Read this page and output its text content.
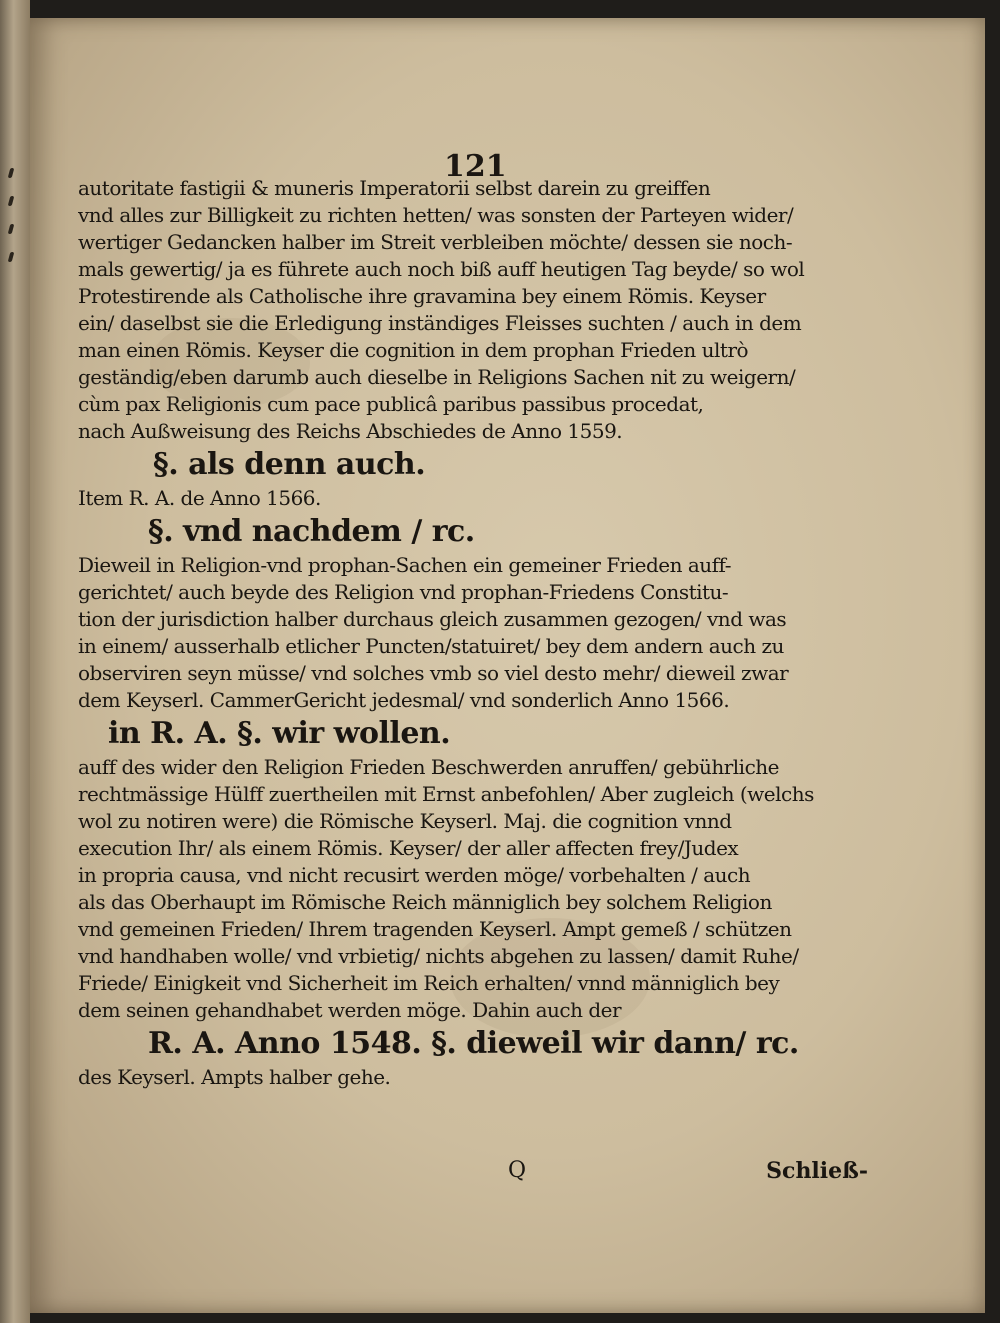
121
autoritate fastigii & muneris Imperatorii selbst darein zu greiffen
vnd alles zur Billigkeit zu richten hetten/ was sonsten der Parteyen wider/
wertiger Gedancken halber im Streit verbleiben möchte/ dessen sie noch-
mals gewertig/ ja es führete auch noch biß auff heutigen Tag beyde/ so wol
Protestirende als Catholische ihre gravamina bey einem Römis. Keyser
ein/ daselbst sie die Erledigung inständiges Fleisses suchten / auch in dem
man einen Römis. Keyser die cognition in dem prophan Frieden ultrò
geständig/eben darumb auch dieselbe in Religions Sachen nit zu weigern/
cùm pax Religionis cum pace publicâ paribus passibus procedat,
nach Außweisung des Reichs Abschiedes de Anno 1559.
§. als denn auch.
Item R. A. de Anno 1566.
§. vnd nachdem / rc.
Dieweil in Religion-vnd prophan-Sachen ein gemeiner Frieden auff-
gerichtet/ auch beyde des Religion vnd prophan-Friedens Constitu-
tion der jurisdiction halber durchaus gleich zusammen gezogen/ vnd was
in einem/ ausserhalb etlicher Puncten/statuiret/ bey dem andern auch zu
observiren seyn müsse/ vnd solches vmb so viel desto mehr/ dieweil zwar
dem Keyserl. CammerGericht jedesmal/ vnd sonderlich Anno 1566.
in R. A. §. wir wollen.
auff des wider den Religion Frieden Beschwerden anruffen/ gebührliche
rechtmässige Hülff zuertheilen mit Ernst anbefohlen/ Aber zugleich (welchs
wol zu notiren were) die Römische Keyserl. Maj. die cognition vnnd
execution Ihr/ als einem Römis. Keyser/ der aller affecten frey/Judex
in propria causa, vnd nicht recusirt werden möge/ vorbehalten / auch
als das Oberhaupt im Römische Reich männiglich bey solchem Religion
vnd gemeinen Frieden/ Ihrem tragenden Keyserl. Ampt gemeß / schützen
vnd handhaben wolle/ vnd vrbietig/ nichts abgehen zu lassen/ damit Ruhe/
Friede/ Einigkeit vnd Sicherheit im Reich erhalten/ vnnd männiglich bey
dem seinen gehandhabet werden möge. Dahin auch der
R. A. Anno 1548. §. dieweil wir dann/ rc.
des Keyserl. Ampts halber gehe.
Q	Schließ-
